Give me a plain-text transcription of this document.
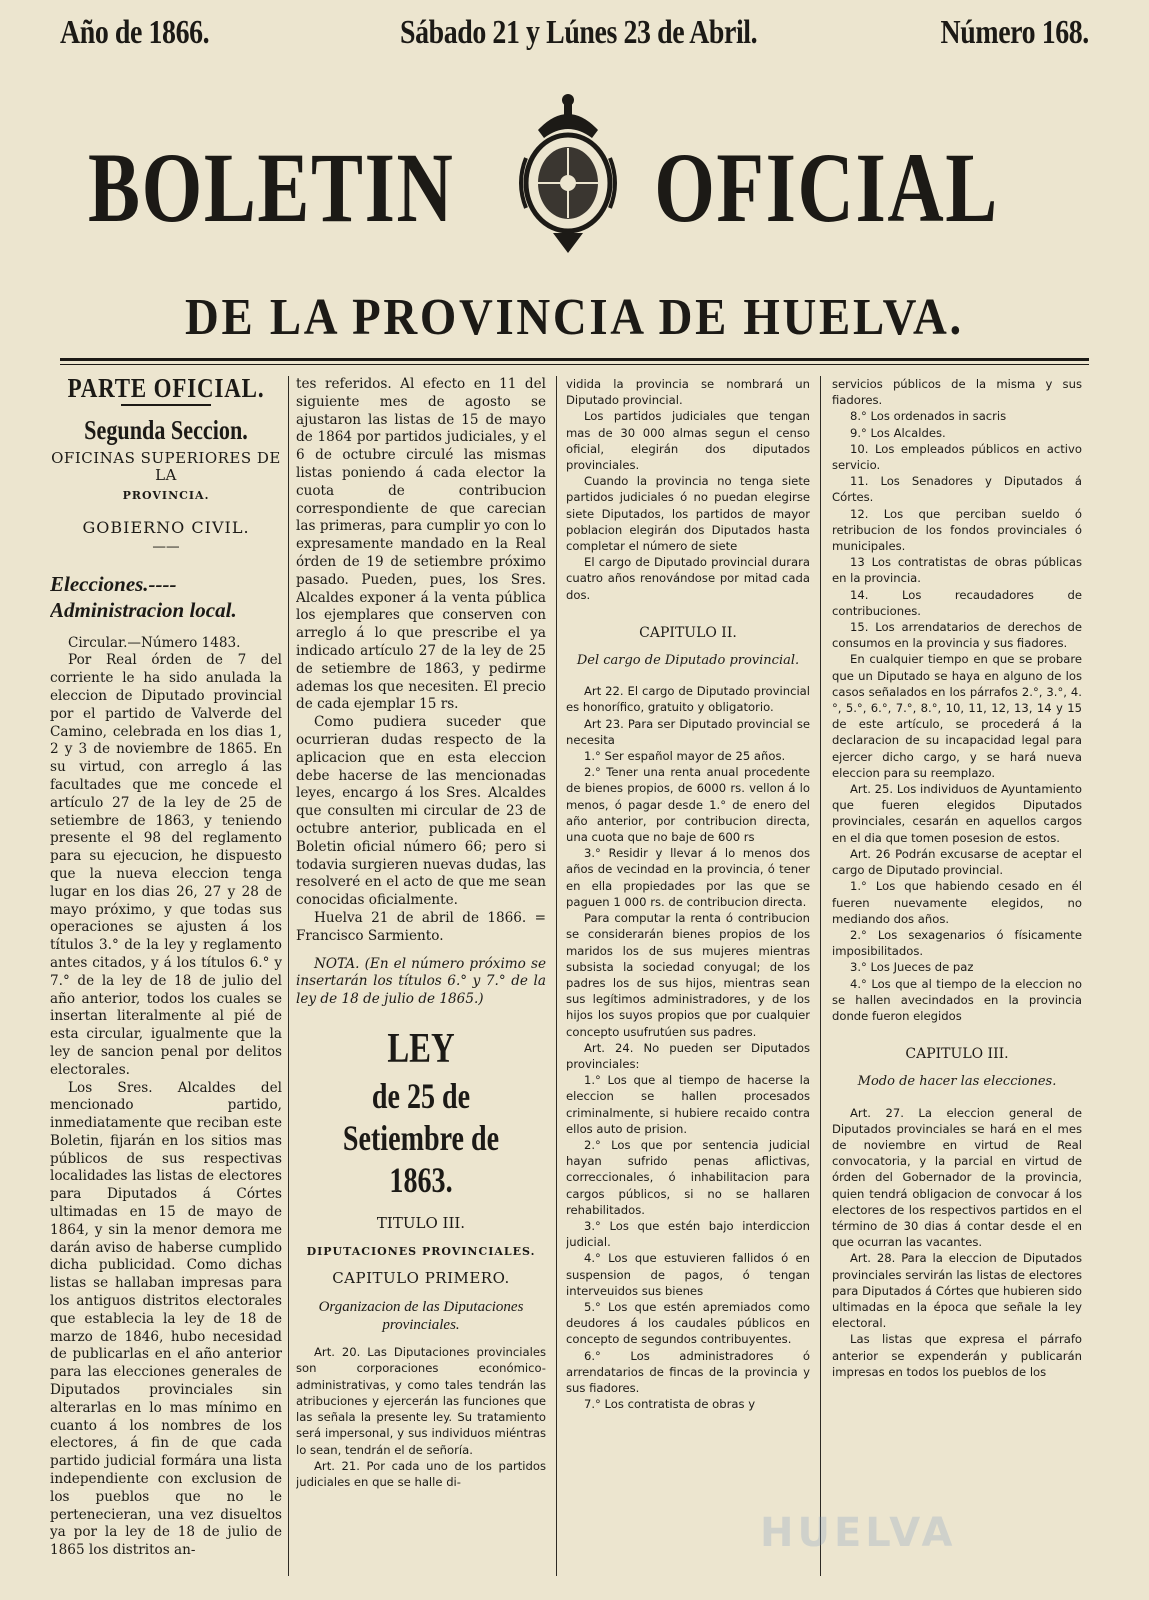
Año de 1866.	Sábado 21 y Lúnes 23 de Abril.	Número 168.
BOLETIN OFICIAL
DE LA PROVINCIA DE HUELVA.
PARTE OFICIAL.
Segunda Seccion.
OFICINAS SUPERIORES DE LA
PROVINCIA.
GOBIERNO CIVIL.
——
Elecciones.----Administracion local.

Circular.—Número 1483.

Por Real órden de 7 del corriente le ha sido anulada la eleccion de Diputado provincial por el partido de Valverde del Camino, celebrada en los dias 1, 2 y 3 de noviembre de 1865. En su virtud, con arreglo á las facultades que me concede el artículo 27 de la ley de 25 de setiembre de 1863, y teniendo presente el 98 del reglamento para su ejecucion, he dispuesto que la nueva eleccion tenga lugar en los dias 26, 27 y 28 de mayo próximo, y que todas sus operaciones se ajusten á los títulos 3.° de la ley y reglamento antes citados, y á los títulos 6.° y 7.° de la ley de 18 de julio del año anterior, todos los cuales se insertan literalmente al pié de esta circular, igualmente que la ley de sancion penal por delitos electorales.

Los Sres. Alcaldes del mencionado partido, inmediatamente que reciban este Boletin, fijarán en los sitios mas públicos de sus respectivas localidades las listas de electores para Diputados á Córtes ultimadas en 15 de mayo de 1864, y sin la menor demora me darán aviso de haberse cumplido dicha publicidad. Como dichas listas se hallaban impresas para los antiguos distritos electorales que establecia la ley de 18 de marzo de 1846, hubo necesidad de publicarlas en el año anterior para las elecciones generales de Diputados provinciales sin alterarlas en lo mas mínimo en cuanto á los nombres de los electores, á fin de que cada partido judicial formára una lista independiente con exclusion de los pueblos que no le pertenecieran, una vez disueltos ya por la ley de 18 de julio de 1865 los distritos an-

tes referidos. Al efecto en 11 del siguiente mes de agosto se ajustaron las listas de 15 de mayo de 1864 por partidos judiciales, y el 6 de octubre circulé las mismas listas poniendo á cada elector la cuota de contribucion correspondiente de que carecian las primeras, para cumplir yo con lo expresamente mandado en la Real órden de 19 de setiembre próximo pasado. Pueden, pues, los Sres. Alcaldes exponer á la venta pública los ejemplares que conserven con arreglo á lo que prescribe el ya indicado artículo 27 de la ley de 25 de setiembre de 1863, y pedirme ademas los que necesiten. El precio de cada ejemplar 15 rs.

Como pudiera suceder que ocurrieran dudas respecto de la aplicacion que en esta eleccion debe hacerse de las mencionadas leyes, encargo á los Sres. Alcaldes que consulten mi circular de 23 de octubre anterior, publicada en el Boletin oficial número 66; pero si todavia surgieren nuevas dudas, las resolveré en el acto de que me sean conocidas oficialmente.

Huelva 21 de abril de 1866. = Francisco Sarmiento.

NOTA. (En el número próximo se insertarán los títulos 6.° y 7.° de la ley de 18 de julio de 1865.)

LEY
de 25 de Setiembre de 1863.
TITULO III.
DIPUTACIONES PROVINCIALES.
CAPITULO PRIMERO.
Organizacion de las Diputaciones provinciales.

Art. 20. Las Diputaciones provinciales son corporaciones económico-administrativas, y como tales tendrán las atribuciones y ejercerán las funciones que las señala la presente ley. Su tratamiento será impersonal, y sus individuos miéntras lo sean, tendrán el de señoría.

Art. 21. Por cada uno de los partidos judiciales en que se halle di-

vidida la provincia se nombrará un Diputado provincial.

Los partidos judiciales que tengan mas de 30 000 almas segun el censo oficial, elegirán dos diputados provinciales.

Cuando la provincia no tenga siete partidos judiciales ó no puedan elegirse siete Diputados, los partidos de mayor poblacion elegirán dos Diputados hasta completar el número de siete

El cargo de Diputado provincial durara cuatro años renovándose por mitad cada dos.

CAPITULO II.
Del cargo de Diputado provincial.

Art 22. El cargo de Diputado provincial es honorífico, gratuito y obligatorio.

Art 23. Para ser Diputado provincial se necesita

1.° Ser español mayor de 25 años.

2.° Tener una renta anual procedente de bienes propios, de 6000 rs. vellon á lo menos, ó pagar desde 1.° de enero del año anterior, por contribucion directa, una cuota que no baje de 600 rs

3.° Residir y llevar á lo menos dos años de vecindad en la provincia, ó tener en ella propiedades por las que se paguen 1 000 rs. de contribucion directa.

Para computar la renta ó contribucion se considerarán bienes propios de los maridos los de sus mujeres mientras subsista la sociedad conyugal; de los padres los de sus hijos, mientras sean sus legítimos administradores, y de los hijos los suyos propios que por cualquier concepto usufrutúen sus padres.

Art. 24. No pueden ser Diputados provinciales:

1.° Los que al tiempo de hacerse la eleccion se hallen procesados criminalmente, si hubiere recaido contra ellos auto de prision.

2.° Los que por sentencia judicial hayan sufrido penas aflictivas, correccionales, ó inhabilitacion para cargos públicos, si no se hallaren rehabilitados.

3.° Los que estén bajo interdiccion judicial.

4.° Los que estuvieren fallidos ó en suspension de pagos, ó tengan interveuidos sus bienes

5.° Los que estén apremiados como deudores á los caudales públicos en concepto de segundos contribuyentes.

6.° Los administradores ó arrendatarios de fincas de la provincia y sus fiadores.

7.° Los contratista de obras y

servicios públicos de la misma y sus fiadores.

8.° Los ordenados in sacris

9.° Los Alcaldes.

10. Los empleados públicos en activo servicio.

11. Los Senadores y Diputados á Córtes.

12. Los que perciban sueldo ó retribucion de los fondos provinciales ó municipales.

13 Los contratistas de obras públicas en la provincia.

14. Los recaudadores de contribuciones.

15. Los arrendatarios de derechos de consumos en la provincia y sus fiadores.

En cualquier tiempo en que se probare que un Diputado se haya en alguno de los casos señalados en los párrafos 2.°, 3.°, 4.°, 5.°, 6.°, 7.°, 8.°, 10, 11, 12, 13, 14 y 15 de este artículo, se procederá á la declaracion de su incapacidad legal para ejercer dicho cargo, y se hará nueva eleccion para su reemplazo.

Art. 25. Los individuos de Ayuntamiento que fueren elegidos Diputados provinciales, cesarán en aquellos cargos en el dia que tomen posesion de estos.

Art. 26 Podrán excusarse de aceptar el cargo de Diputado provincial.

1.° Los que habiendo cesado en él fueren nuevamente elegidos, no mediando dos años.

2.° Los sexagenarios ó físicamente imposibilitados.

3.° Los Jueces de paz

4.° Los que al tiempo de la eleccion no se hallen avecindados en la provincia donde fueron elegidos

CAPITULO III.
Modo de hacer las elecciones.

Art. 27. La eleccion general de Diputados provinciales se hará en el mes de noviembre en virtud de Real convocatoria, y la parcial en virtud de órden del Gobernador de la provincia, quien tendrá obligacion de convocar á los electores de los respectivos partidos en el término de 30 dias á contar desde el en que ocurran las vacantes.

Art. 28. Para la eleccion de Diputados provinciales servirán las listas de electores para Diputados á Córtes que hubieren sido ultimadas en la época que señale la ley electoral.

Las listas que expresa el párrafo anterior se expenderán y publicarán impresas en todos los pueblos de los

HUELVA
